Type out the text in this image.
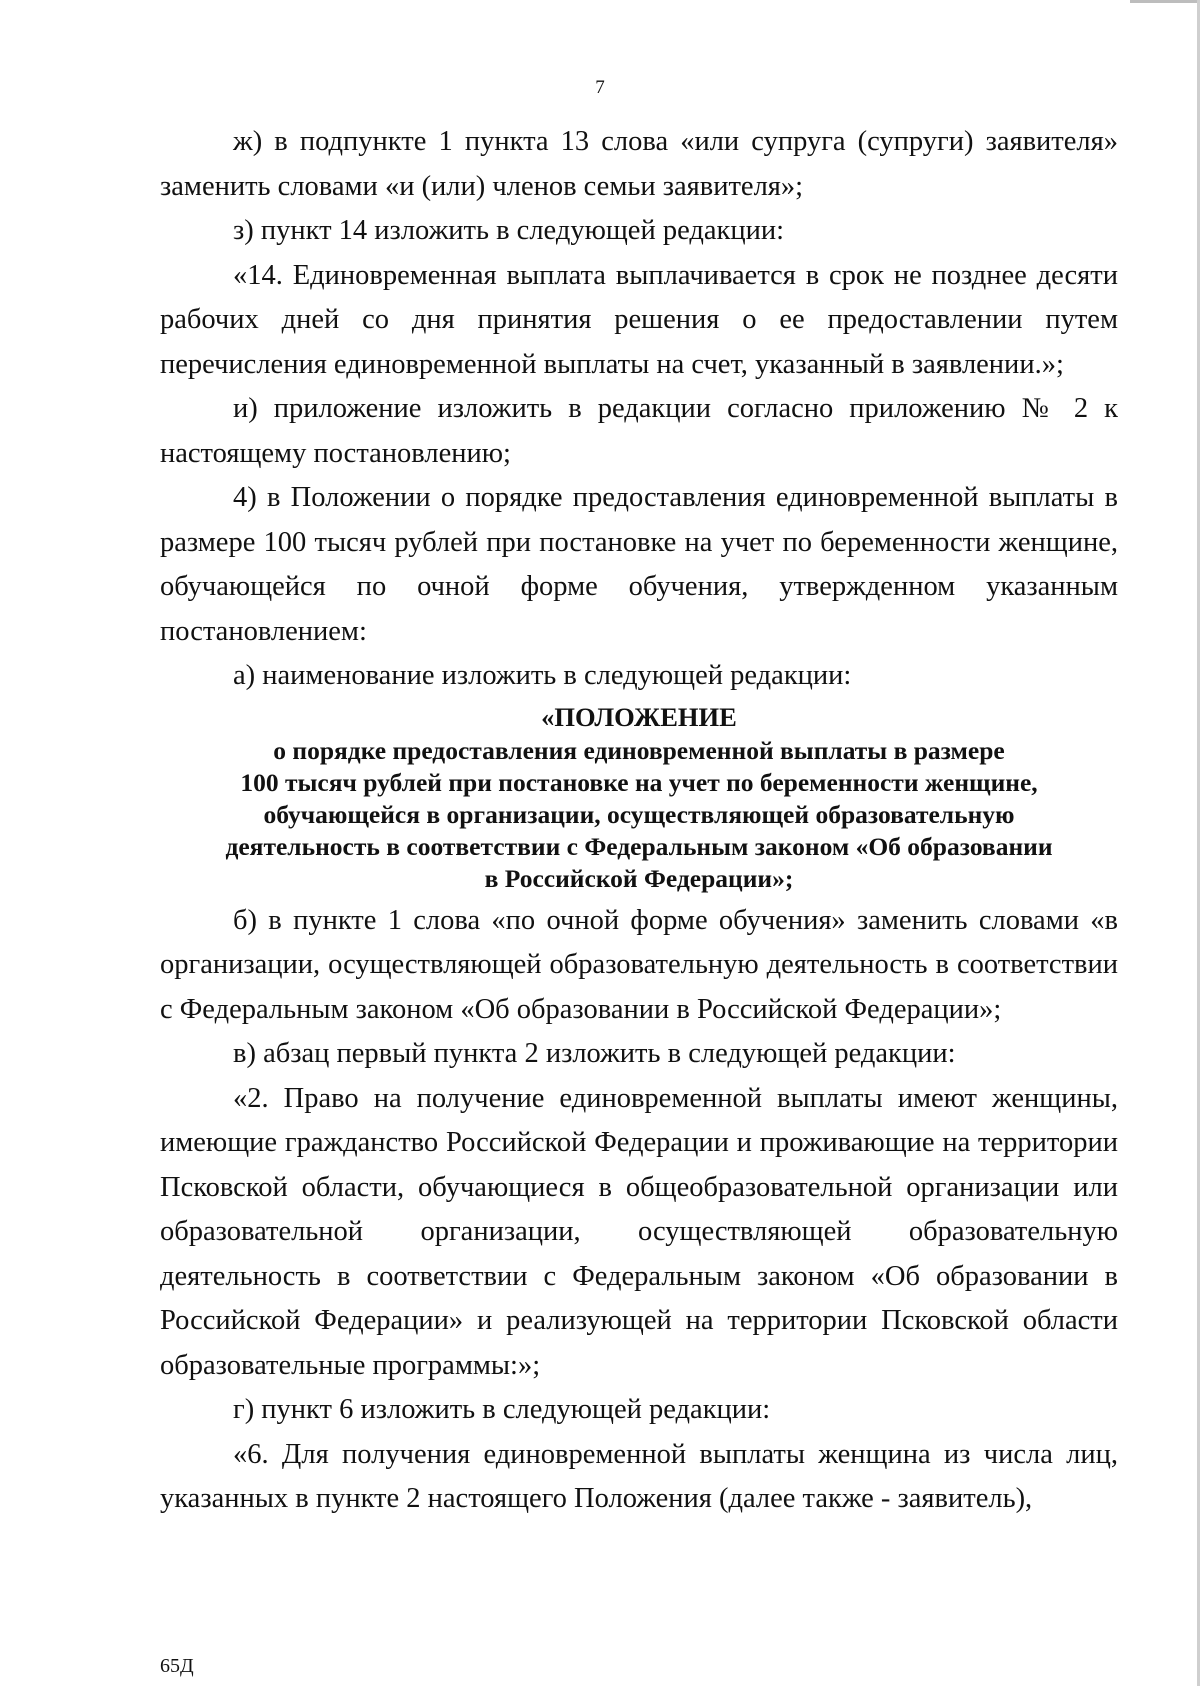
7

ж) в подпункте 1 пункта 13 слова «или супруга (супруги) заявителя» заменить словами «и (или) членов семьи заявителя»;

з) пункт 14 изложить в следующей редакции:

«14. Единовременная выплата выплачивается в срок не позднее десяти рабочих дней со дня принятия решения о ее предоставлении путем перечисления единовременной выплаты на счет, указанный в заявлении.»;

и) приложение изложить в редакции согласно приложению № 2 к настоящему постановлению;

4) в Положении о порядке предоставления единовременной выплаты в размере 100 тысяч рублей при постановке на учет по беременности женщине, обучающейся по очной форме обучения, утвержденном указанным постановлением:

а) наименование изложить в следующей редакции:

«ПОЛОЖЕНИЕ
о порядке предоставления единовременной выплаты в размере
100 тысяч рублей при постановке на учет по беременности женщине,
обучающейся в организации, осуществляющей образовательную
деятельность в соответствии с Федеральным законом «Об образовании
в Российской Федерации»;

б) в пункте 1 слова «по очной форме обучения» заменить словами «в организации, осуществляющей образовательную деятельность в соответствии с Федеральным законом «Об образовании в Российской Федерации»;

в) абзац первый пункта 2 изложить в следующей редакции:

«2. Право на получение единовременной выплаты имеют женщины, имеющие гражданство Российской Федерации и проживающие на территории Псковской области, обучающиеся в общеобразовательной организации или образовательной организации, осуществляющей образовательную деятельность в соответствии с Федеральным законом «Об образовании в Российской Федерации» и реализующей на территории Псковской области образовательные программы:»;

г) пункт 6 изложить в следующей редакции:

«6. Для получения единовременной выплаты женщина из числа лиц, указанных в пункте 2 настоящего Положения (далее также - заявитель),

65Д
